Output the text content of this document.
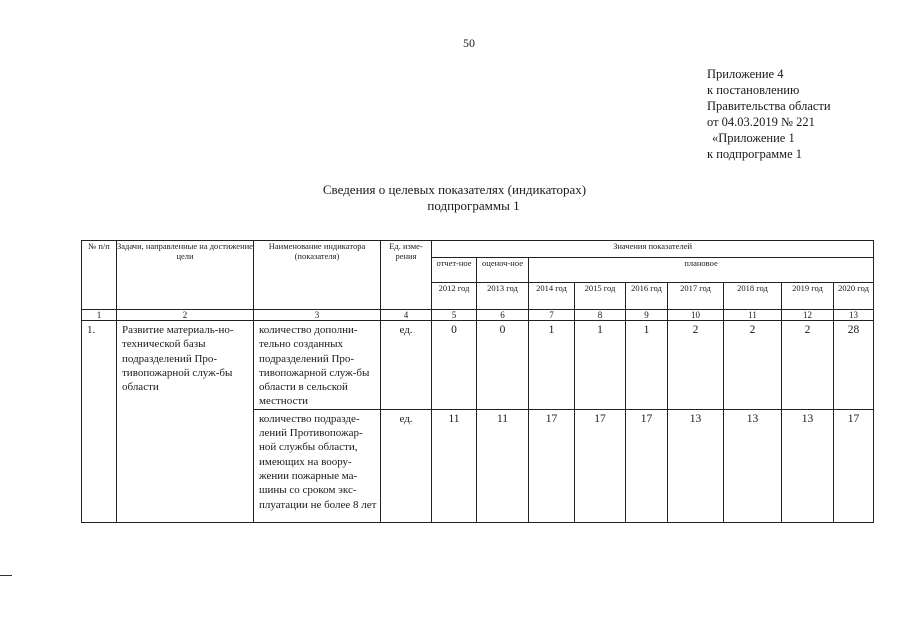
50
Приложение 4
к постановлению
Правительства области
от 04.03.2019 № 221
«Приложение 1
к подпрограмме 1
Сведения о целевых показателях (индикаторах)
подпрограммы 1
№ п/п	Задачи, направленные на достижение цели	Наименование индикатора (показателя)	Ед. изме-рения	Значения показателей								
				отчет-ное	оценоч-ное	плановое						
				2012 год	2013 год	2014 год	2015 год	2016 год	2017 год	2018 год	2019 год	2020 год
1	2	3	4	5	6	7	8	9	10	11	12	13
1.	Развитие материаль-но-технической базы подразделений Про-тивопожарной служ-бы области	количество дополни-тельно созданных подразделений Про-тивопожарной служ-бы области в сельской местности	ед.	0	0	1	1	1	2	2	2	28
		количество подразде-лений Противопожар-ной службы области, имеющих на воору-жении пожарные ма-шины со сроком экс-плуатации не более 8 лет	ед.	11	11	17	17	17	13	13	13	17
